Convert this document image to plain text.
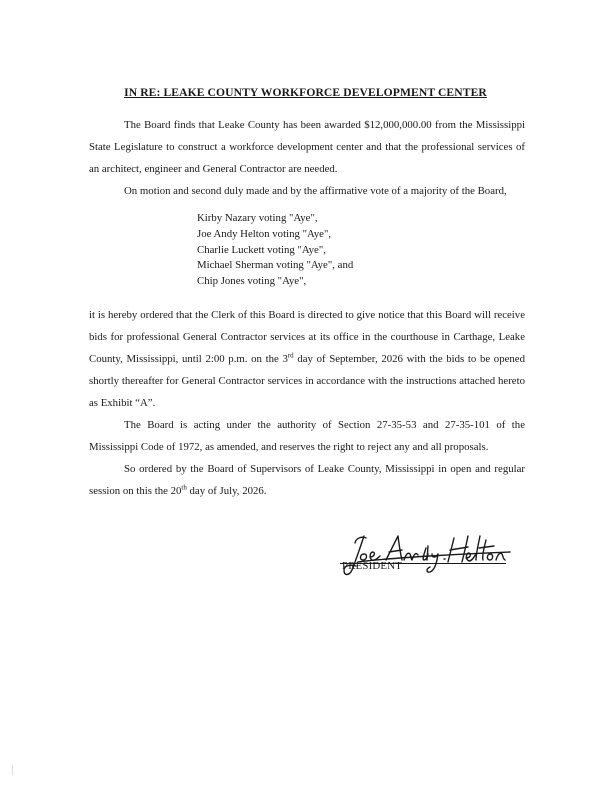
IN RE: LEAKE COUNTY WORKFORCE DEVELOPMENT CENTER

The Board finds that Leake County has been awarded $12,000,000.00 from the Mississippi State Legislature to construct a workforce development center and that the professional services of an architect, engineer and General Contractor are needed.

On motion and second duly made and by the affirmative vote of a majority of the Board,

Kirby Nazary voting "Aye",
Joe Andy Helton voting "Aye",
Charlie Luckett voting "Aye",
Michael Sherman voting "Aye", and
Chip Jones voting "Aye",

it is hereby ordered that the Clerk of this Board is directed to give notice that this Board will receive bids for professional General Contractor services at its office in the courthouse in Carthage, Leake County, Mississippi, until 2:00 p.m. on the 3rd day of September, 2026 with the bids to be opened shortly thereafter for General Contractor services in accordance with the instructions attached hereto as Exhibit “A”.

The Board is acting under the authority of Section 27-35-53 and 27-35-101 of the Mississippi Code of 1972, as amended, and reserves the right to reject any and all proposals.

So ordered by the Board of Supervisors of Leake County, Mississippi in open and regular session on this the 20th day of July, 2026.

PRESIDENT
